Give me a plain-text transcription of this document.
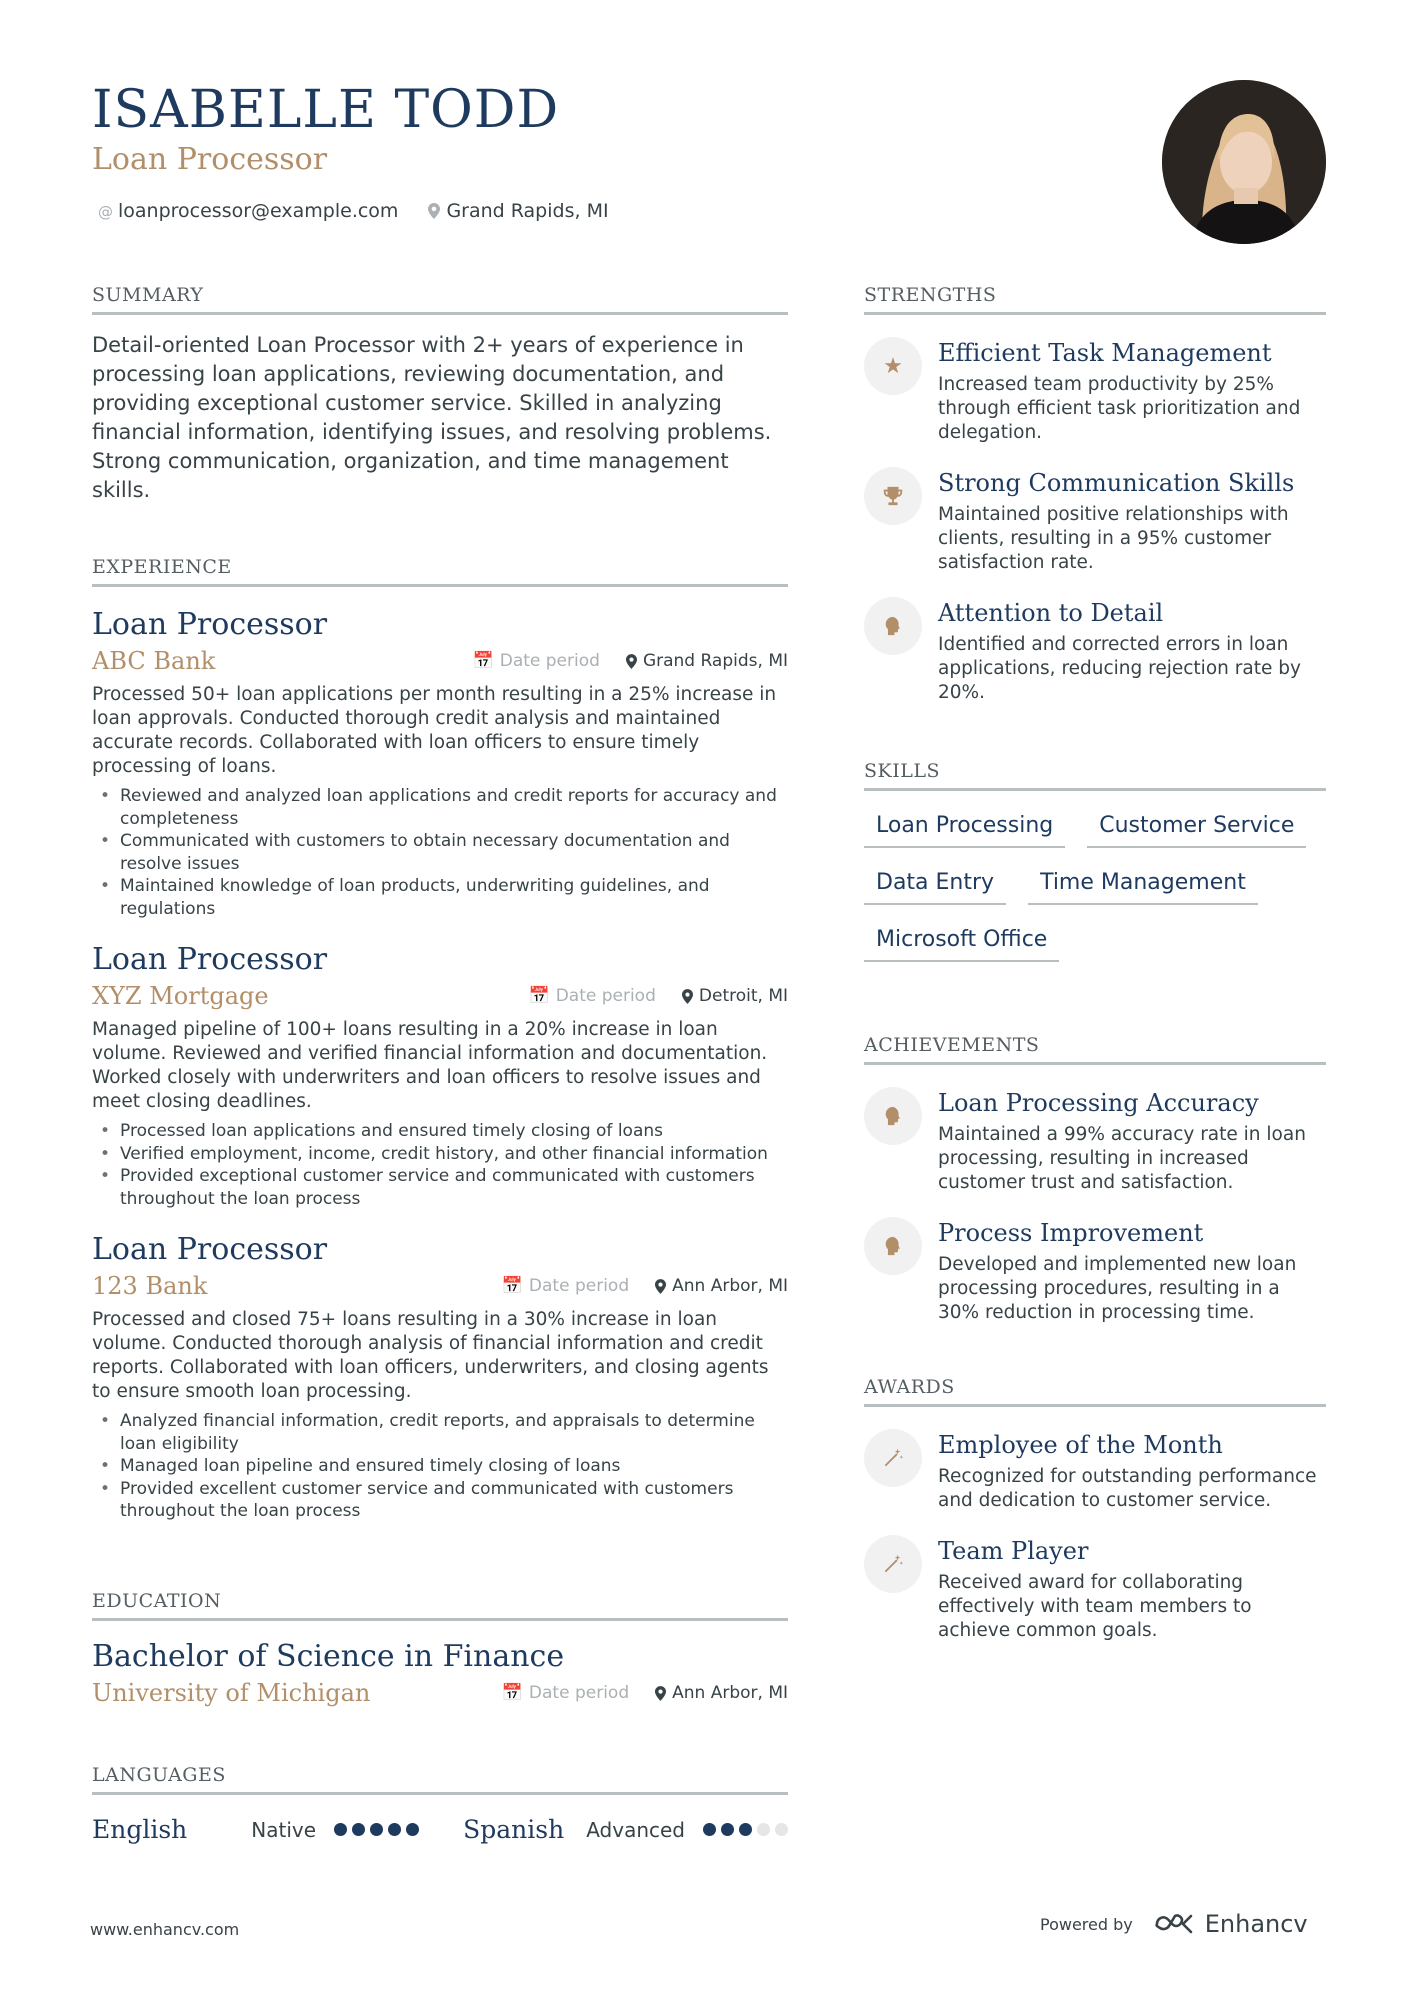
ISABELLE TODD
Loan Processor
@ loanprocessor@example.com	Grand Rapids, MI
SUMMARY
Detail-oriented Loan Processor with 2+ years of experience in processing loan applications, reviewing documentation, and providing exceptional customer service. Skilled in analyzing financial information, identifying issues, and resolving problems. Strong communication, organization, and time management skills.
EXPERIENCE
Loan Processor
ABC Bank	📅 Date period	Grand Rapids, MI
Processed 50+ loan applications per month resulting in a 25% increase in loan approvals. Conducted thorough credit analysis and maintained accurate records. Collaborated with loan officers to ensure timely processing of loans.
• Reviewed and analyzed loan applications and credit reports for accuracy and completeness
• Communicated with customers to obtain necessary documentation and resolve issues
• Maintained knowledge of loan products, underwriting guidelines, and regulations
Loan Processor
XYZ Mortgage	📅 Date period	Detroit, MI
Managed pipeline of 100+ loans resulting in a 20% increase in loan volume. Reviewed and verified financial information and documentation. Worked closely with underwriters and loan officers to resolve issues and meet closing deadlines.
• Processed loan applications and ensured timely closing of loans
• Verified employment, income, credit history, and other financial information
• Provided exceptional customer service and communicated with customers throughout the loan process
Loan Processor
123 Bank	📅 Date period	Ann Arbor, MI
Processed and closed 75+ loans resulting in a 30% increase in loan volume. Conducted thorough analysis of financial information and credit reports. Collaborated with loan officers, underwriters, and closing agents to ensure smooth loan processing.
• Analyzed financial information, credit reports, and appraisals to determine loan eligibility
• Managed loan pipeline and ensured timely closing of loans
• Provided excellent customer service and communicated with customers throughout the loan process
EDUCATION
Bachelor of Science in Finance
University of Michigan	📅 Date period	Ann Arbor, MI
LANGUAGES
English	Native	Spanish Advanced
STRENGTHS
★	Efficient Task Management
Increased team productivity by 25% through efficient task prioritization and delegation.
Strong Communication Skills
Maintained positive relationships with clients, resulting in a 95% customer satisfaction rate.
Attention to Detail
Identified and corrected errors in loan applications, reducing rejection rate by 20%.
SKILLS
Loan Processing	Customer Service
Data Entry	Time Management
Microsoft Office
ACHIEVEMENTS
Loan Processing Accuracy
Maintained a 99% accuracy rate in loan processing, resulting in increased customer trust and satisfaction.
Process Improvement
Developed and implemented new loan processing procedures, resulting in a 30% reduction in processing time.
AWARDS
Employee of the Month
Recognized for outstanding performance and dedication to customer service.
Team Player
Received award for collaborating effectively with team members to achieve common goals.
www.enhancv.com	Powered by	Enhancv
